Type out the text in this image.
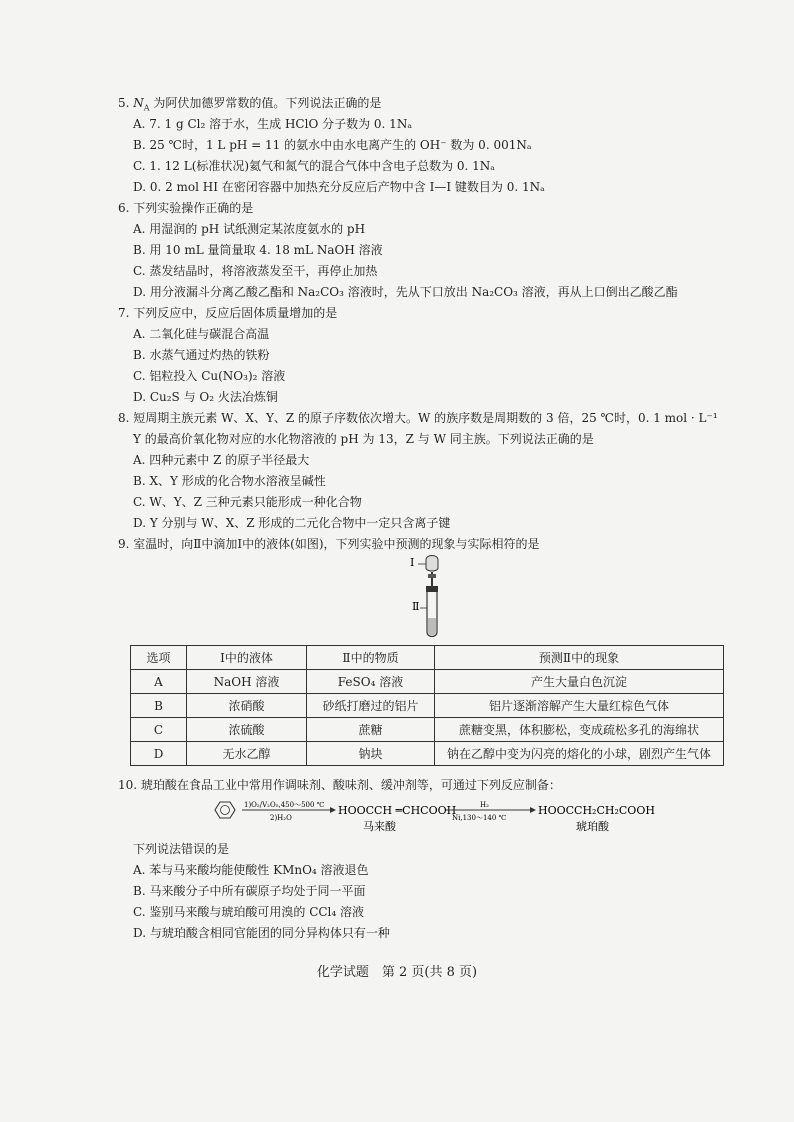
5. $N_A$ 为阿伏加德罗常数的值。下列说法正确的是
A. 7. 1 g Cl₂ 溶于水，生成 HClO 分子数为 0. 1Nₐ
B. 25 ℃时，1 L pH = 11 的氨水中由水电离产生的 OH⁻ 数为 0. 001Nₐ
C. 1. 12 L(标准状况)氦气和氮气的混合气体中含电子总数为 0. 1Nₐ
D. 0. 2 mol HI 在密闭容器中加热充分反应后产物中含 I—I 键数目为 0. 1Nₐ
6. 下列实验操作正确的是
A. 用湿润的 pH 试纸测定某浓度氨水的 pH
B. 用 10 mL 量筒量取 4. 18 mL NaOH 溶液
C. 蒸发结晶时，将溶液蒸发至干，再停止加热
D. 用分液漏斗分离乙酸乙酯和 Na₂CO₃ 溶液时，先从下口放出 Na₂CO₃ 溶液，再从上口倒出乙酸乙酯
7. 下列反应中，反应后固体质量增加的是
A. 二氧化硅与碳混合高温
B. 水蒸气通过灼热的铁粉
C. 铝粒投入 Cu(NO₃)₂ 溶液
D. Cu₂S 与 O₂ 火法冶炼铜
8. 短周期主族元素 W、X、Y、Z 的原子序数依次增大。W 的族序数是周期数的 3 倍，25 ℃时，0. 1 mol · L⁻¹
Y 的最高价氧化物对应的水化物溶液的 pH 为 13，Z 与 W 同主族。下列说法正确的是
A. 四种元素中 Z 的原子半径最大
B. X、Y 形成的化合物水溶液呈碱性
C. W、Y、Z 三种元素只能形成一种化合物
D. Y 分别与 W、X、Z 形成的二元化合物中一定只含离子键
9. 室温时，向Ⅱ中滴加Ⅰ中的液体(如图)，下列实验中预测的现象与实际相符的是
Ⅰ
Ⅱ
选项	Ⅰ中的液体	Ⅱ中的物质	预测Ⅱ中的现象
A	NaOH 溶液	FeSO₄ 溶液	产生大量白色沉淀
B	浓硝酸	砂纸打磨过的铝片	铝片逐渐溶解产生大量红棕色气体
C	浓硫酸	蔗糖	蔗糖变黑，体积膨松，变成疏松多孔的海绵状
D	无水乙醇	钠块	钠在乙醇中变为闪亮的熔化的小球，剧烈产生气体
10. 琥珀酸在食品工业中常用作调味剂、酸味剂、缓冲剂等，可通过下列反应制备：
1)O₂/V₂O₅,450～500 ℃
2)H₂O
HOOCCH ═CHCOOH
马来酸
H₂
Ni,130～140 ℃
HOOCCH₂CH₂COOH
琥珀酸
下列说法错误的是
A. 苯与马来酸均能使酸性 KMnO₄ 溶液退色
B. 马来酸分子中所有碳原子均处于同一平面
C. 鉴别马来酸与琥珀酸可用溴的 CCl₄ 溶液
D. 与琥珀酸含相同官能团的同分异构体只有一种
化学试题　第 2 页(共 8 页)
